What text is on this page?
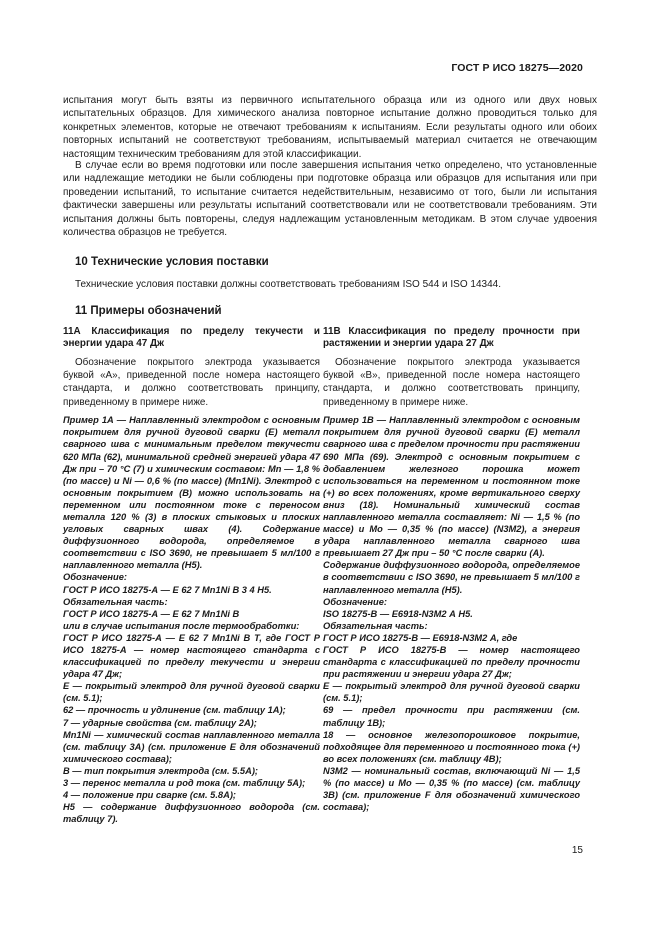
ГОСТ Р ИСО 18275—2020

испытания могут быть взяты из первичного испытательного образца или из одного или двух новых испытательных образцов. Для химического анализа повторное испытание должно проводиться только для конкретных элементов, которые не отвечают требованиям к испытаниям. Если результаты одного или обоих повторных испытаний не соответствуют требованиям, испытываемый материал считается не отвечающим настоящим техническим требованиям для этой классификации.

В случае если во время подготовки или после завершения испытания четко определено, что установленные или надлежащие методики не были соблюдены при подготовке образца или образцов для испытания или при проведении испытаний, то испытание считается недействительным, независимо от того, были ли испытания фактически завершены или результаты испытаний соответствовали или не соответствовали требованиям. Эти испытания должны быть повторены, следуя надлежащим установленным методикам. В этом случае удвоения количества образцов не требуется.

10 Технические условия поставки

Технические условия поставки должны соответствовать требованиям ISO 544 и ISO 14344.

11 Примеры обозначений

11А Классификация по пределу текучести и энергии удара 47 Дж

Обозначение покрытого электрода указывается буквой «А», приведенной после номера настоящего стандарта, и должно соответствовать принципу, приведенному в примере ниже.

Пример 1А — Наплавленный электродом с основным покрытием для ручной дуговой сварки (Е) металл сварного шва с минимальным пределом текучести 620 МПа (62), минимальной средней энергией удара 47 Дж при – 70 °С (7) и химическим составом: Mn — 1,8 % (по массе) и Ni — 0,6 % (по массе) (Mn1Ni). Электрод с основным покрытием (В) можно использовать на переменном или постоянном токе с переносом металла 120 % (3) в плоских стыковых и плоских угловых сварных швах (4). Содержание диффузионного водорода, определяемое в соответствии с ISO 3690, не превышает 5 мл/100 г наплавленного металла (Н5).

Обозначение:

ГОСТ Р ИСО 18275-А — Е 62 7 Mn1Ni В 3 4 Н5.

Обязательная часть:

ГОСТ Р ИСО 18275-А — Е 62 7 Mn1Ni В

или в случае испытания после термообработки:

ГОСТ Р ИСО 18275-А — Е 62 7 Mn1Ni В Т, где ГОСТ Р ИСО 18275-А — номер настоящего стандарта с классификацией по пределу текучести и энергии удара 47 Дж;

Е — покрытый электрод для ручной дуговой сварки (см. 5.1);

62 — прочность и удлинение (см. таблицу 1А);

7 — ударные свойства (см. таблицу 2А);

Mn1Ni — химический состав наплавленного металла (см. таблицу 3А) (см. приложение Е для обозначений химического состава);

В — тип покрытия электрода (см. 5.5А);

3 — перенос металла и род тока (см. таблицу 5А);

4 — положение при сварке (см. 5.8А);

Н5 — содержание диффузионного водорода (см. таблицу 7).

11В Классификация по пределу прочности при растяжении и энергии удара 27 Дж

Обозначение покрытого электрода указывается буквой «В», приведенной после номера настоящего стандарта, и должно соответствовать принципу, приведенному в примере ниже.

Пример 1В — Наплавленный электродом с основным покрытием для ручной дуговой сварки (Е) металл сварного шва с пределом прочности при растяжении 690 МПа (69). Электрод с основным покрытием с добавлением железного порошка может использоваться на переменном и постоянном токе (+) во всех положениях, кроме вертикального сверху вниз (18). Номинальный химический состав наплавленного металла составляет: Ni — 1,5 % (по массе) и Mo — 0,35 % (по массе) (N3M2), а энергия удара наплавленного металла сварного шва превышает 27 Дж при – 50 °С после сварки (А).

Содержание диффузионного водорода, определяемое в соответствии с ISO 3690, не превышает 5 мл/100 г наплавленного металла (Н5).

Обозначение:

ISO 18275-В — Е6918-N3M2 А Н5.

Обязательная часть:

ГОСТ Р ИСО 18275-В — Е6918-N3M2 А, где

ГОСТ Р ИСО 18275-В — номер настоящего стандарта с классификацией по пределу прочности при растяжении и энергии удара 27 Дж;

Е — покрытый электрод для ручной дуговой сварки (см. 5.1);

69 — предел прочности при растяжении (см. таблицу 1В);

18 — основное железопорошковое покрытие, подходящее для переменного и постоянного тока (+) во всех положениях (см. таблицу 4В);

N3M2 — номинальный состав, включающий Ni — 1,5 % (по массе) и Mo — 0,35 % (по массе) (см. таблицу 3В) (см. приложение F для обозначений химического состава);

15
